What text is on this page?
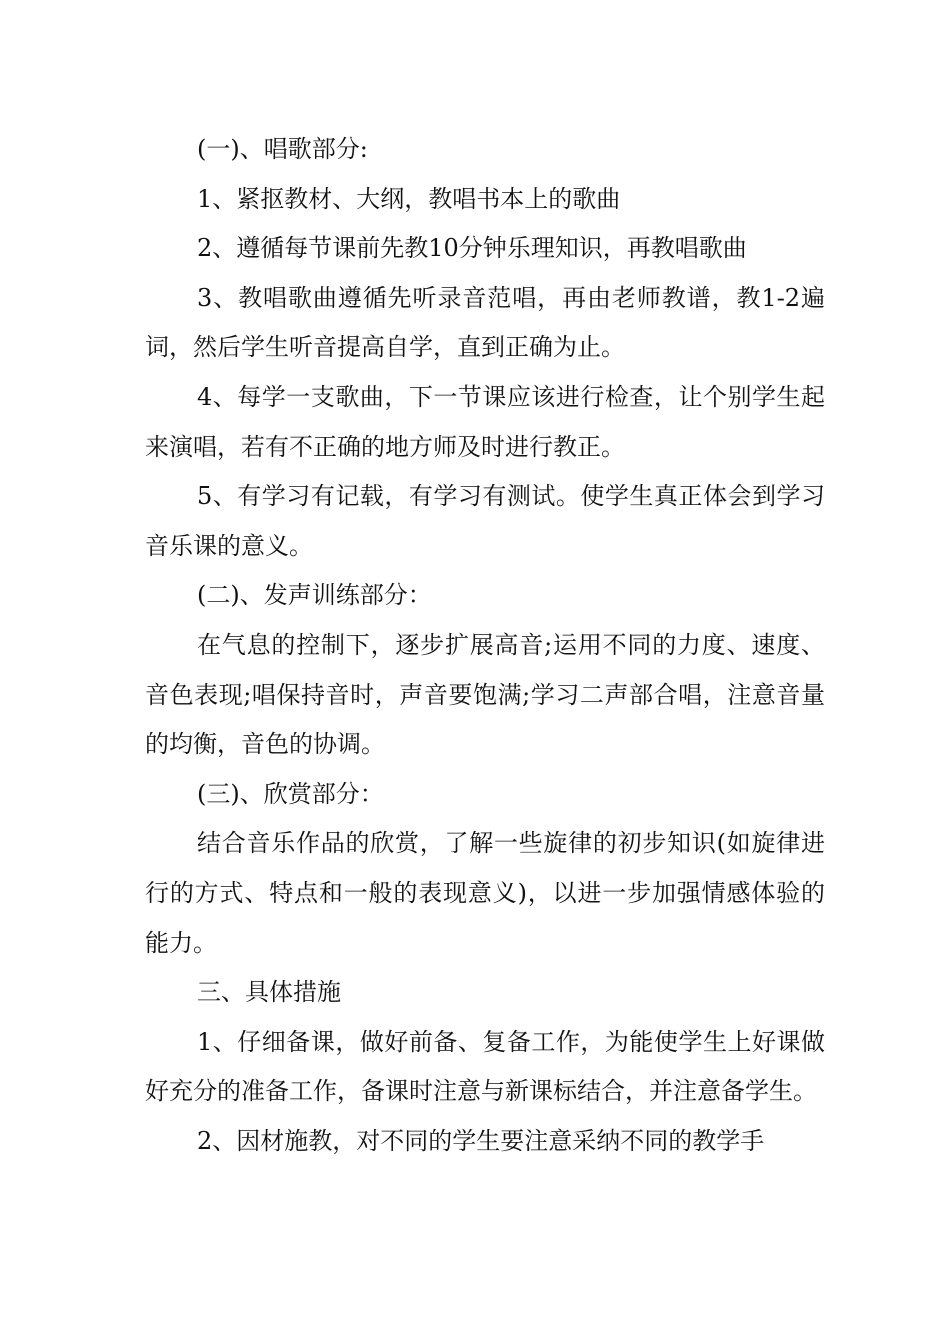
(一)、唱歌部分:

1、紧抠教材、大纲，教唱书本上的歌曲

2、遵循每节课前先教10分钟乐理知识，再教唱歌曲

3、教唱歌曲遵循先听录音范唱，再由老师教谱，教1-2遍词，然后学生听音提高自学，直到正确为止。

4、每学一支歌曲，下一节课应该进行检查，让个别学生起来演唱，若有不正确的地方师及时进行教正。

5、有学习有记载，有学习有测试。使学生真正体会到学习音乐课的意义。

(二)、发声训练部分：

在气息的控制下，逐步扩展高音;运用不同的力度、速度、音色表现;唱保持音时，声音要饱满;学习二声部合唱，注意音量的均衡，音色的协调。

(三)、欣赏部分：

结合音乐作品的欣赏，了解一些旋律的初步知识(如旋律进行的方式、特点和一般的表现意义)，以进一步加强情感体验的能力。

三、具体措施

1、仔细备课，做好前备、复备工作，为能使学生上好课做好充分的准备工作，备课时注意与新课标结合，并注意备学生。

2、因材施教，对不同的学生要注意采纳不同的教学手
